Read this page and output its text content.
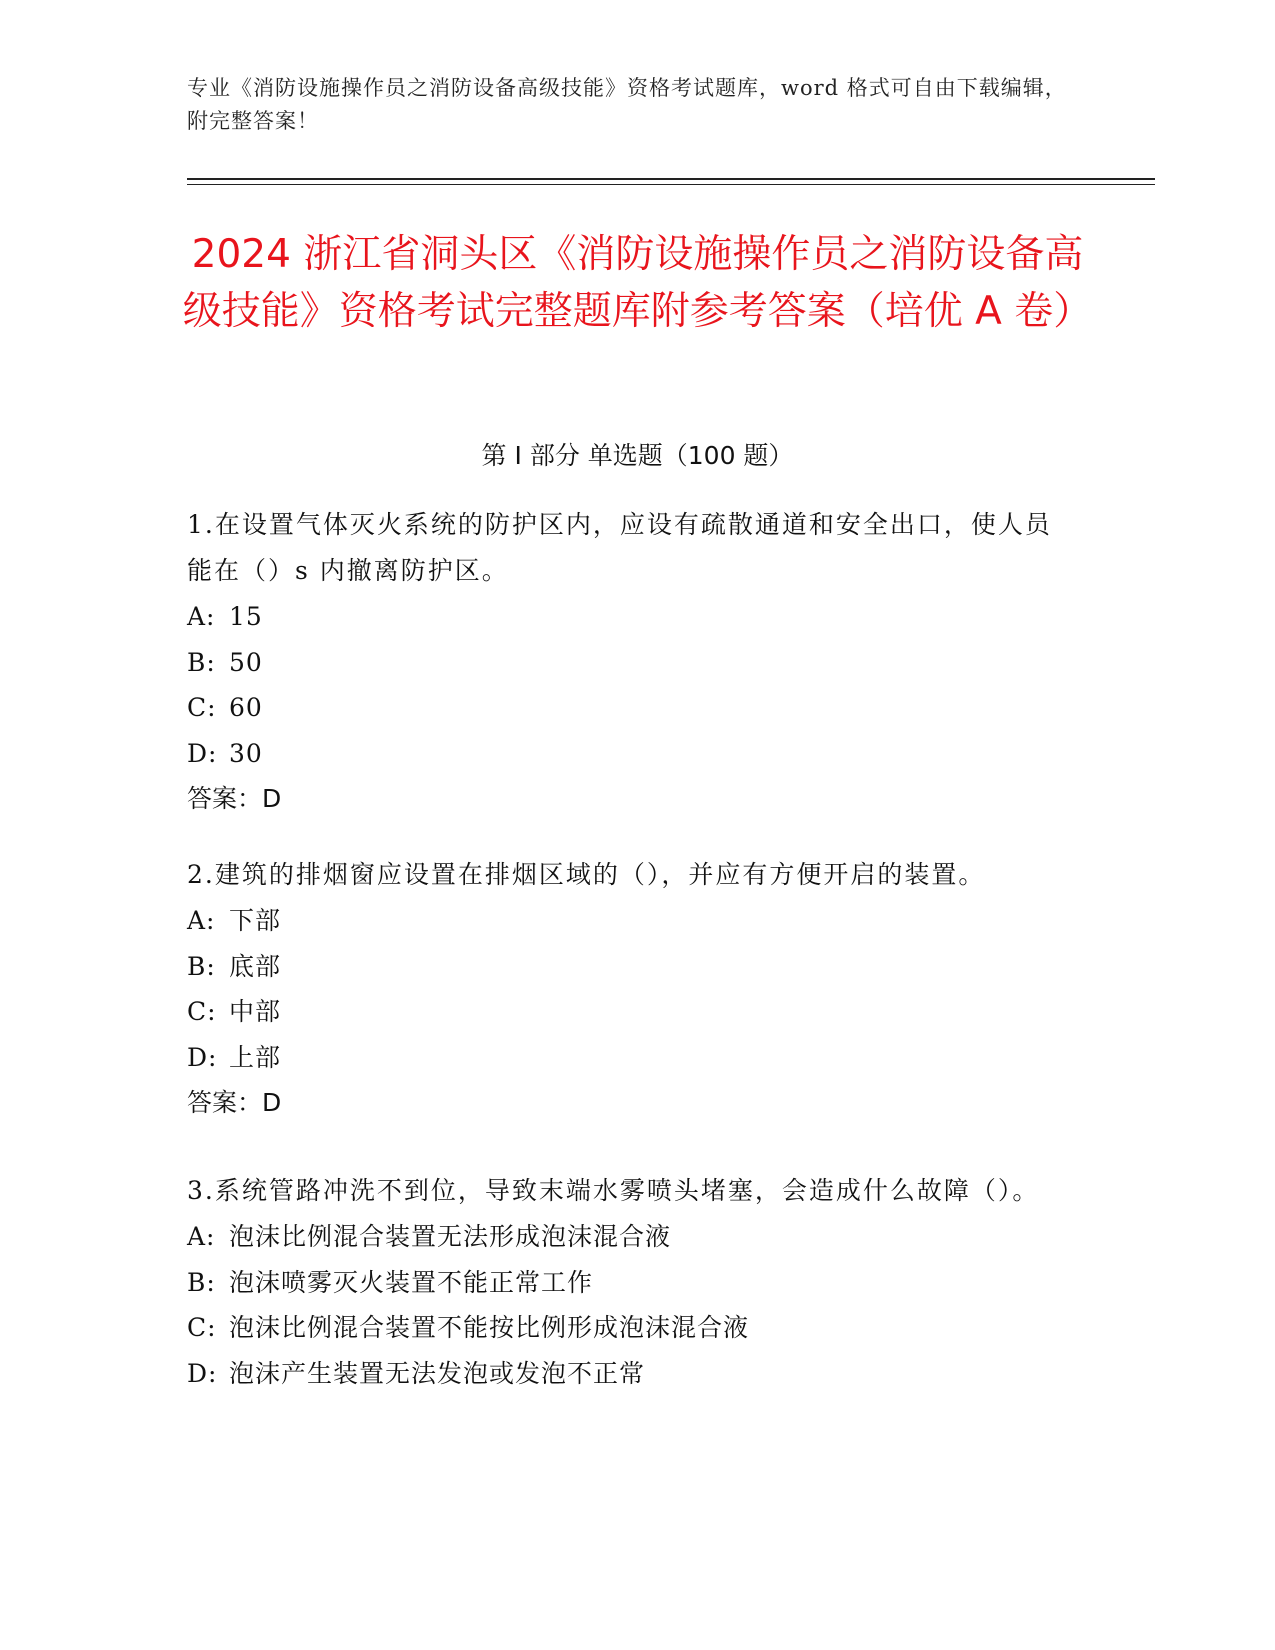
专业《消防设施操作员之消防设备高级技能》资格考试题库，word 格式可自由下载编辑，附完整答案！
2024 浙江省洞头区《消防设施操作员之消防设备高级技能》资格考试完整题库附参考答案（培优 A 卷）
第 I 部分 单选题（100 题）

1.在设置气体灭火系统的防护区内，应设有疏散通道和安全出口，使人员能在（）s 内撤离防护区。

A: 15

B: 50

C: 60

D: 30

答案：D

2.建筑的排烟窗应设置在排烟区域的（），并应有方便开启的装置。

A: 下部

B: 底部

C: 中部

D: 上部

答案：D

3.系统管路冲洗不到位，导致末端水雾喷头堵塞，会造成什么故障（）。

A: 泡沫比例混合装置无法形成泡沫混合液

B: 泡沫喷雾灭火装置不能正常工作

C: 泡沫比例混合装置不能按比例形成泡沫混合液

D: 泡沫产生装置无法发泡或发泡不正常
